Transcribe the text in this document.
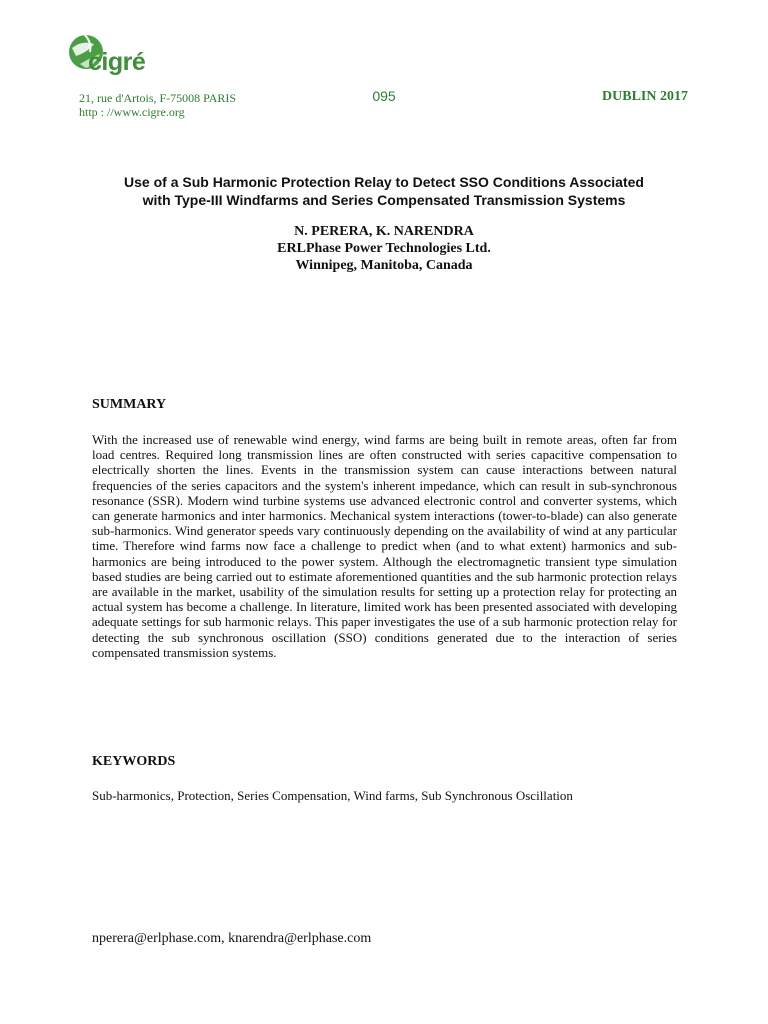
cigré
21, rue d'Artois, F-75008 PARIS
http : //www.cigre.org
095	DUBLIN 2017
Use of a Sub Harmonic Protection Relay to Detect SSO Conditions Associated
with Type-III Windfarms and Series Compensated Transmission Systems
N. PERERA, K. NARENDRA
ERLPhase Power Technologies Ltd.
Winnipeg, Manitoba, Canada
SUMMARY
With the increased use of renewable wind energy, wind farms are being built in remote areas, often far from load centres. Required long transmission lines are often constructed with series capacitive compensation to electrically shorten the lines. Events in the transmission system can cause interactions between natural frequencies of the series capacitors and the system's inherent impedance, which can result in sub-synchronous resonance (SSR). Modern wind turbine systems use advanced electronic control and converter systems, which can generate harmonics and inter harmonics. Mechanical system interactions (tower-to-blade) can also generate sub-harmonics. Wind generator speeds vary continuously depending on the availability of wind at any particular time. Therefore wind farms now face a challenge to predict when (and to what extent) harmonics and sub-harmonics are being introduced to the power system. Although the electromagnetic transient type simulation based studies are being carried out to estimate aforementioned quantities and the sub harmonic protection relays are available in the market, usability of the simulation results for setting up a protection relay for protecting an actual system has become a challenge. In literature, limited work has been presented associated with developing adequate settings for sub harmonic relays. This paper investigates the use of a sub harmonic protection relay for detecting the sub synchronous oscillation (SSO) conditions generated due to the interaction of series compensated transmission systems.
KEYWORDS
Sub-harmonics, Protection, Series Compensation, Wind farms, Sub Synchronous Oscillation
nperera@erlphase.com, knarendra@erlphase.com
